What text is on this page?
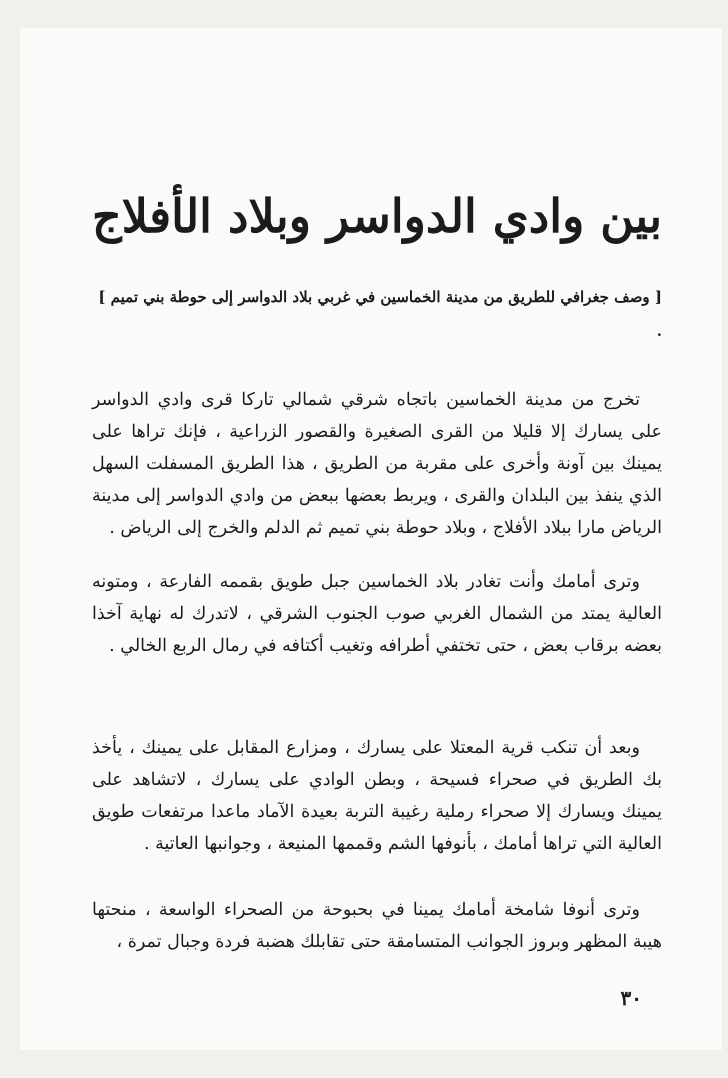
بين وادي الدواسر وبلاد الأفلاج

[ وصف جغرافي للطريق من مدينة الخماسين في غربي بلاد الدواسر إلى حوطة بني تميم ] .

تخرج من مدينة الخماسين باتجاه شرقي شمالي تاركا قرى وادي الدواسر على يسارك إلا قليلا من القرى الصغيرة والقصور الزراعية ، فإنك تراها على يمينك بين آونة وأخرى على مقربة من الطريق ، هذا الطريق المسفلت السهل الذي ينفذ بين البلدان والقرى ، ويربط بعضها ببعض من وادي الدواسر إلى مدينة الرياض مارا ببلاد الأفلاج ، وبلاد حوطة بني تميم ثم الدلم والخرج إلى الرياض .

وترى أمامك وأنت تغادر بلاد الخماسين جبل طويق بقممه الفارعة ، ومتونه العالية يمتد من الشمال الغربي صوب الجنوب الشرقي ، لاتدرك له نهاية آخذا بعضه برقاب بعض ، حتى تختفي أطرافه وتغيب أكتافه في رمال الربع الخالي .

وبعد أن تنكب قرية المعتلا على يسارك ، ومزارع المقابل على يمينك ، يأخذ بك الطريق في صحراء فسيحة ، وبطن الوادي على يسارك ، لاتشاهد على يمينك ويسارك إلا صحراء رملية رغيبة التربة بعيدة الآماد ماعدا مرتفعات طويق العالية التي تراها أمامك ، بأنوفها الشم وقممها المنيعة ، وجوانبها العاتية .

وترى أنوفا شامخة أمامك يمينا في بحبوحة من الصحراء الواسعة ، منحتها هيبة المظهر وبروز الجوانب المتسامقة حتى تقابلك هضبة فردة وجبال تمرة ،

٣٠
